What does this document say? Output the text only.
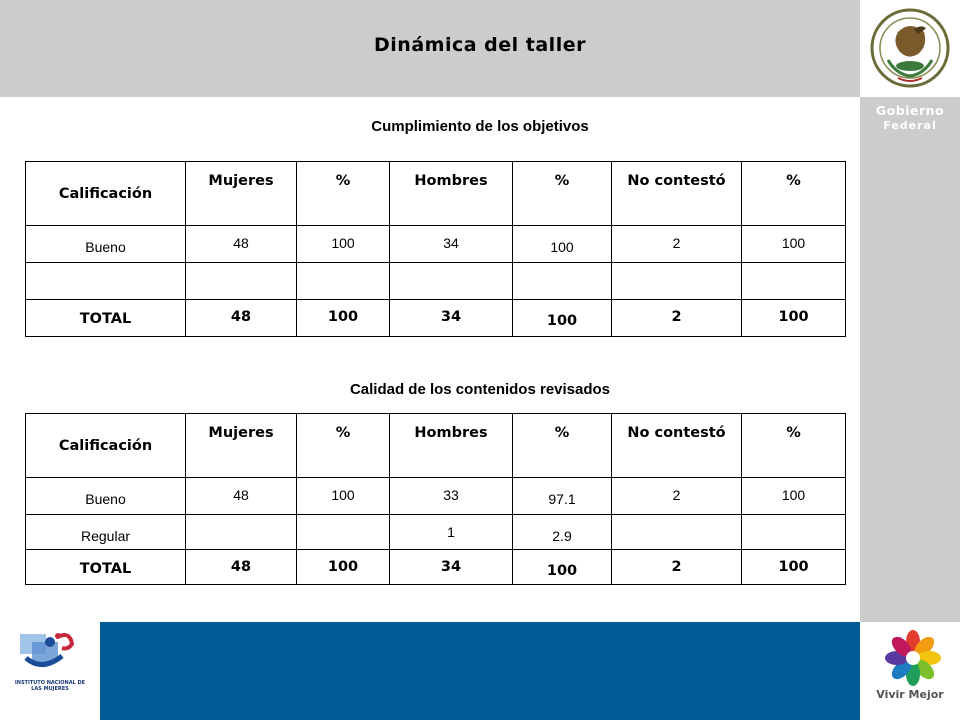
Dinámica del taller
Gobierno
Federal
INSTITUTO NACIONAL DE LAS MUJERES	Vivir Mejor
Cumplimiento de los objetivos
Calificación	Mujeres	%	Hombres	%	No contestó	%

Bueno	48	100	34	100	2	100

TOTAL	48	100	34	100	2	100
Calidad de los contenidos revisados
Calificación	Mujeres	%	Hombres	%	No contestó	%

Bueno	48	100	33	97.1	2	100

Regular			1	2.9		

TOTAL	48	100	34	100	2	100
